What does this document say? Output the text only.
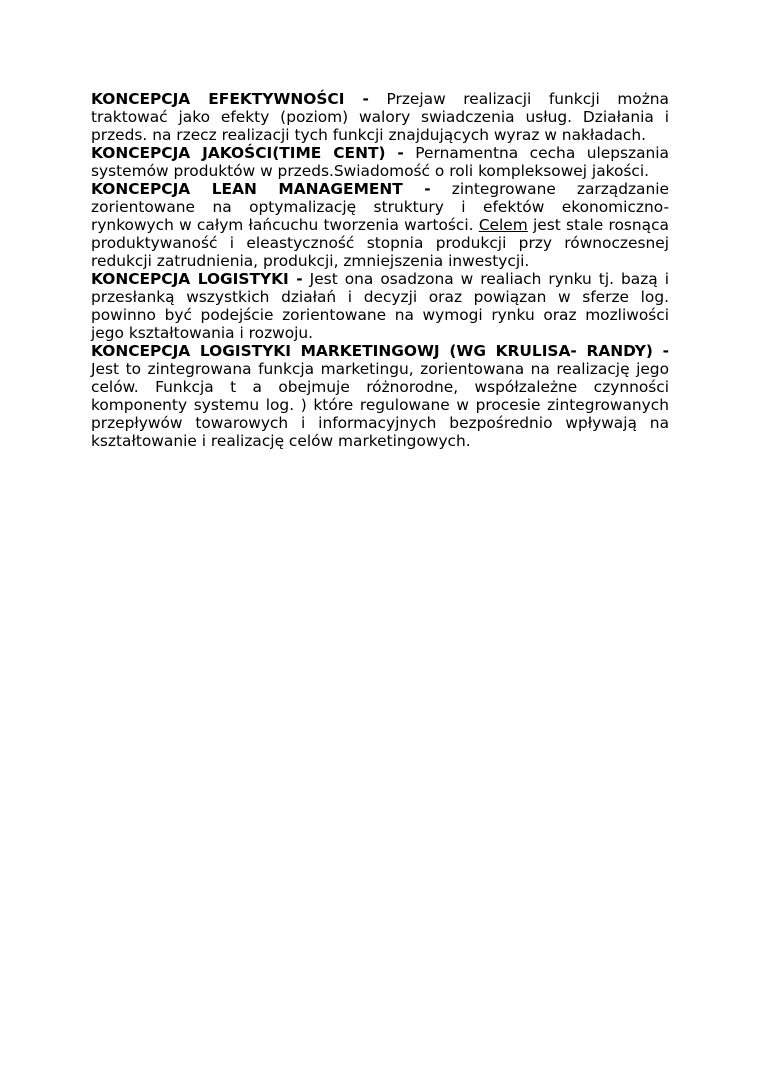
KONCEPCJA EFEKTYWNOŚCI - Przejaw realizacji funkcji można traktować jako efekty (poziom) walory swiadczenia usług. Działania i przeds. na rzecz realizacji tych funkcji znajdujących wyraz w nakładach.

KONCEPCJA JAKOŚCI(TIME CENT) - Pernamentna cecha ulepszania systemów produktów w przeds.Swiadomość o roli kompleksowej jakości.

KONCEPCJA LEAN MANAGEMENT - zintegrowane zarządzanie zorientowane na optymalizację struktury i efektów ekonomiczno-rynkowych w całym łańcuchu tworzenia wartości. Celem jest stale rosnąca produktywaność i eleastyczność stopnia produkcji przy równoczesnej redukcji zatrudnienia, produkcji, zmniejszenia inwestycji.

KONCEPCJA LOGISTYKI - Jest ona osadzona w realiach rynku tj. bazą i przesłanką wszystkich działań i decyzji oraz powiązan w sferze log. powinno być podejście zorientowane na wymogi rynku oraz mozliwości jego kształtowania i rozwoju.

KONCEPCJA LOGISTYKI MARKETINGOWJ (WG KRULISA- RANDY) - Jest to zintegrowana funkcja marketingu, zorientowana na realizację jego celów. Funkcja t a obejmuje różnorodne, współzależne czynności komponenty systemu log. ) które regulowane w procesie zintegrowanych przepływów towarowych i informacyjnych bezpośrednio wpływają na kształtowanie i realizację celów marketingowych.
